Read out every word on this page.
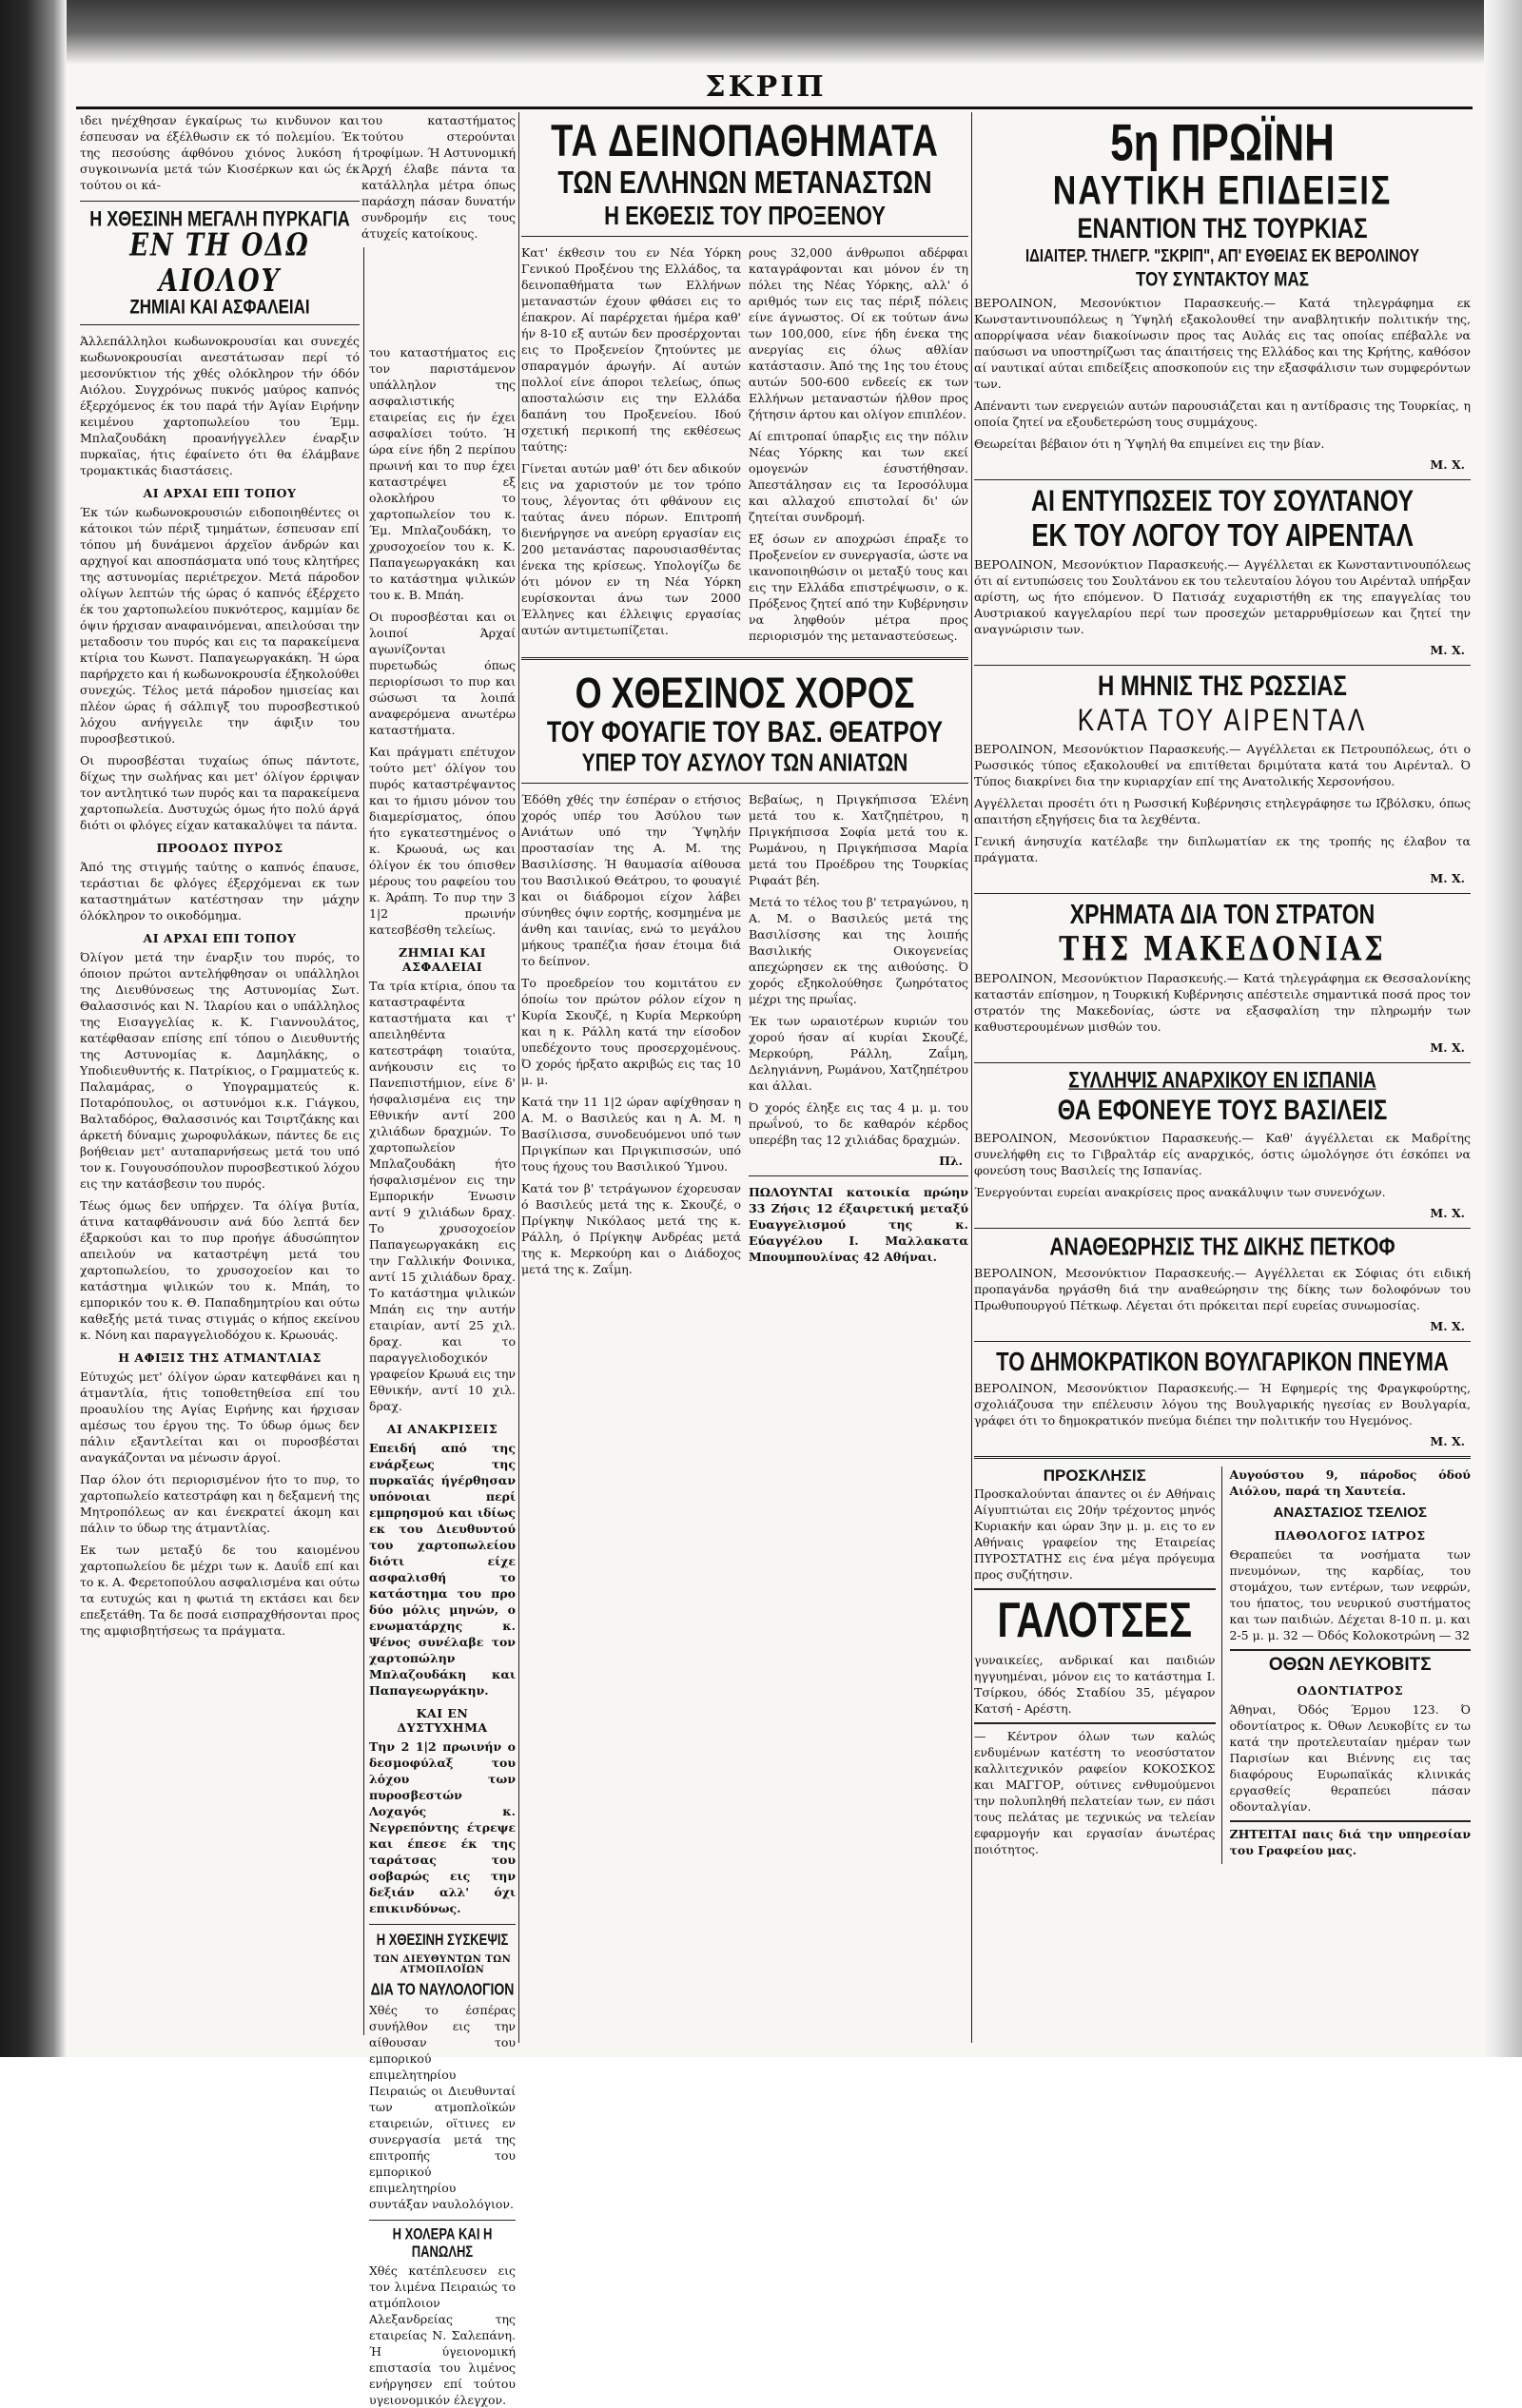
ΣΚΡΙΠ

ιδει ηνέχθησαν έγκαίρως τω κινδυνον και έσπευσαν να έξέλθωσιν εκ τό πολεμίου. Έκ της πεσούσης άφθόνου χιόνος λυκόση ή συγκοινωνία μετά τών Κιοσέρκων και ώς έκ τούτου οι κά-

Η ΧΘΕΣΙΝΗ ΜΕΓΑΛΗ ΠΥΡΚΑΓΙΑ
ΕΝ ΤΗ ΟΔΩ ΑΙΟΛΟΥ
ΖΗΜΙΑΙ ΚΑΙ ΑΣΦΑΛΕΙΑΙ

Άλλεπάλληλοι κωδωνοκρουσίαι και συνεχές κωδωνοκρουσίαι ανεστάτωσαν περί τό μεσονύκτιον τής χθές ολόκληρον τήν όδόν Αιόλου. Συγχρόνως πυκνός μαύρος καπνός έξερχόμενος έκ του παρά τήν Άγίαν Ειρήνην κειμένου χαρτοπωλείου του Έμμ. Μπλαζουδάκη προανήγγελλεν έναρξιν πυρκαϊας, ήτις έφαίνετο ότι θα έλάμβανε τρομακτικάς διαστάσεις.

ΑΙ ΑΡΧΑΙ ΕΠΙ ΤΟΠΟΥ

Έκ τών κωδωνοκρουσιών ειδοποιηθέντες οι κάτοικοι τών πέριξ τμημάτων, έσπευσαν επί τόπου μή δυνάμενοι άρχεϊον άνδρών και αρχηγοί και αποσπάσματα υπό τους κλητήρες της αστυνομίας περιέτρεχον. Μετά πάροδον ολίγων λεπτών τής ώρας ό καπνός έξέρχετο έκ του χαρτοπωλείου πυκνότερος, καμμίαν δε όψιν ήρχισαν αναφαινόμεναι, απειλούσαι την μεταδοσιν του πυρός και εις τα παρακείμενα κτίρια του Κωνστ. Παπαγεωργακάκη. Ή ώρα παρήρχετο και ή κωδωνοκρουσία έξηκολούθει συνεχώς. Τέλος μετά πάροδον ημισείας και πλέον ώρας ή σάλπιγξ του πυροσβεστικού λόχου ανήγγειλε την άφιξιν του πυροσβεστικού.

Οι πυροσβέσται τυχαίως όπως πάντοτε, δίχως την σωλήνας και μετ' όλίγον έρριψαν τον αντλητικό των πυρός και τα παρακείμενα χαρτοπωλεία. Δυστυχώς όμως ήτο πολύ άργά διότι οι φλόγες είχαν κατακαλύψει τα πάντα.

ΠΡΟΟΔΟΣ ΠΥΡΟΣ

Άπό της στιγμής ταύτης ο καπνός έπαυσε, τεράστιαι δε φλόγες έξερχόμεναι εκ των καταστημάτων κατέστησαν την μάχην όλόκληρον το οικοδόμημα.

ΑΙ ΑΡΧΑΙ ΕΠΙ ΤΟΠΟΥ

Όλίγον μετά την έναρξιν του πυρός, το όποιον πρώτοι αντελήφθησαν οι υπάλληλοι της Διευθύνσεως της Αστυνομίας Σωτ. Θαλασσινός και Ν. Ίλαρίου και ο υπάλληλος της Εισαγγελίας κ. Κ. Γιαννουλάτος, κατέφθασαν επίσης επί τόπου ο Διευθυντής της Αστυνομίας κ. Δαμηλάκης, ο Υποδιευθυντής κ. Πατρίκιος, ο Γραμματεύς κ. Παλαμάρας, ο Υπογραμματεύς κ. Ποταρόπουλος, οι αστυνόμοι κ.κ. Γιάγκου, Βαλταδόρος, Θαλασσινός και Τσιρτζάκης και άρκετή δύναμις χωροφυλάκων, πάντες δε εις βοήθειαν μετ' αυταπαρνήσεως μετά του υπό τον κ. Γουγουσόπουλον πυροσβεστικού λόχου εις την κατάσβεσιν του πυρός.

Τέως όμως δεν υπήρχεν. Τα όλίγα βυτία, άτινα καταφθάνουσιν ανά δύο λεπτά δεν έξαρκούσι και το πυρ προήγε άδυσώπητον απειλούν να καταστρέψη μετά του χαρτοπωλείου, το χρυσοχοείον και το κατάστημα ψιλικών του κ. Μπάη, το εμπορικόν του κ. Θ. Παπαδημητρίου και ούτω καθεξής μετά τινας στιγμάς ο κήπος εκείνου κ. Νόνη και παραγγελιοδόχου κ. Κρωουάς.

Η ΑΦΙΞΙΣ ΤΗΣ ΑΤΜΑΝΤΛΙΑΣ

Εύτυχώς μετ' όλίγον ώραν κατεφθάνει και η άτμαντλία, ήτις τοποθετηθείσα επί του προαυλίου της Αγίας Ειρήνης και ήρχισαν αμέσως του έργου της. Το ύδωρ όμως δεν πάλιν εξαντλείται και οι πυροσβέσται αναγκάζονται να μένωσιν άργοί.

Παρ όλον ότι περιορισμένον ήτο το πυρ, το χαρτοπωλείο κατεστράφη και η δεξαμενή της Μητροπόλεως αν και ένεκρατεί άκομη και πάλιν το ύδωρ της άτμαντλίας.

Εκ των μεταξύ δε του καιομένου χαρτοπωλείου δε μέχρι των κ. Δαυΐδ επί και το κ. Α. Φερετοπούλου ασφαλισμένα και ούτω τα ευτυχώς και η φωτιά τη εκτάσει και δεν επεξετάθη. Τα δε ποσά εισπραχθήσονται προς της αμφισβητήσεως τα πράγματα.

του καταστήματος τούτου στερούνται τροφίμων. Ή Αστυνομική Άρχή έλαβε πάντα τα κατάλληλα μέτρα όπως παράσχη πάσαν δυνατήν συνδρομήν εις τους άτυχείς κατοίκους.

του καταστήματος εις τον παριστάμενον υπάλληλον της ασφαλιστικής εταιρείας εις ήν έχει ασφαλίσει τούτο. Ή ώρα είνε ήδη 2 περίπου πρωινή και το πυρ έχει καταστρέψει εξ ολοκλήρου το χαρτοπωλείον του κ. Έμ. Μπλαζουδάκη, το χρυσοχοείον του κ. Κ. Παπαγεωργακάκη και το κατάστημα ψιλικών του κ. Β. Μπάη.

Οι πυροσβέσται και οι λοιποί Άρχαί αγωνίζονται πυρετωδώς όπως περιορίσωσι το πυρ και σώσωσι τα λοιπά αναφερόμενα ανωτέρω καταστήματα.

Και πράγματι επέτυχον τούτο μετ' όλίγον του πυρός καταστρέψαντος και το ήμισυ μόνον του διαμερίσματος, όπου ήτο εγκατεστημένος ο κ. Κρωουά, ως και όλίγον έκ του όπισθεν μέρους του ραφείου του κ. Άράπη. Το πυρ την 3 1|2 πρωινήν κατεσβέσθη τελείως.

ΖΗΜΙΑΙ ΚΑΙ ΑΣΦΑΛΕΙΑΙ

Τα τρία κτίρια, όπου τα καταστραφέντα καταστήματα και τ' απειληθέντα κατεστράφη τοιαύτα, ανήκουσιν εις το Πανεπιστήμιον, είνε δ' ήσφαλισμένα εις την Εθνικήν αντί 200 χιλιάδων δραχμών. Το χαρτοπωλείον Μπλαζουδάκη ήτο ήσφαλισμένον εις την Εμπορικήν Ένωσιν αντί 9 χιλιάδων δραχ. Το χρυσοχοείον Παπαγεωργακάκη εις την Γαλλικήν Φοινικα, αντί 15 χιλιάδων δραχ. Το κατάστημα ψιλικών Μπάη εις την αυτήν εταιρίαν, αντί 25 χιλ. δραχ. και το παραγγελιοδοχικόν γραφείον Κρωυά εις την Εθνικήν, αντί 10 χιλ. δραχ.

ΑΙ ΑΝΑΚΡΙΣΕΙΣ

Επειδή από της ενάρξεως της πυρκαϊάς ήγέρθησαν υπόνοιαι περί εμπρησμού και ιδίως εκ του Διευθυντού του χαρτοπωλείου διότι είχε ασφαλισθή το κατάστημα του προ δύο μόλις μηνών, ο ενωματάρχης κ. Ψένος συνέλαβε τον χαρτοπώλην Μπλαζουδάκη και Παπαγεωργάκην.

ΚΑΙ ΕΝ ΔΥΣΤΥΧΗΜΑ

Την 2 1|2 πρωινήν ο δεσμοφύλαξ του λόχου των πυροσβεστών Λοχαγός κ. Νεγρεπόντης έτρεψε και έπεσε έκ της ταράτσας του σοβαρώς εις την δεξιάν αλλ' όχι επικινδύνως.

Η ΧΘΕΣΙΝΗ ΣΥΣΚΕΨΙΣ
ΤΩΝ ΔΙΕΥΘΥΝΤΩΝ ΤΩΝ ΑΤΜΟΠΛΟΪΩΝ
ΔΙΑ ΤΟ ΝΑΥΛΟΛΟΓΙΟΝ

Χθές το έσπέρας συνήλθον εις την αίθουσαν του εμπορικού επιμελητηρίου Πειραιώς οι Διευθυνταί των ατμοπλοϊκών εταιρειών, οϊτινες εν συνεργασία μετά της επιτροπής του εμπορικού επιμελητηρίου συντάξαν ναυλολόγιον.

Η ΧΟΛΕΡΑ ΚΑΙ Η ΠΑΝΩΛΗΣ

Χθές κατέπλευσεν εις τον λιμένα Πειραιώς το ατμόπλοιον Αλεξανδρείας της εταιρείας Ν. Σαλεπάνη. Ή ύγειονομική επιστασία του λιμένος ενήργησεν επί τούτου υγειονομικόν έλεγχον.

ΤΑ ΔΕΙΝΟΠΑΘΗΜΑΤΑ
ΤΩΝ ΕΛΛΗΝΩΝ ΜΕΤΑΝΑΣΤΩΝ
Η ΕΚΘΕΣΙΣ ΤΟΥ ΠΡΟΞΕΝΟΥ

Κατ' έκθεσιν του εν Νέα Υόρκη Γενικού Προξένου της Ελλάδος, τα δεινοπαθήματα των Ελλήνων μεταναστών έχουν φθάσει εις το έπακρον. Αί παρέρχεται ήμέρα καθ' ήν 8-10 εξ αυτών δεν προσέρχονται εις το Προξενείον ζητούντες με σπαραγμόν άρωγήν. Αί αυτών πολλοί είνε άποροι τελείως, όπως αποσταλώσιν εις την Ελλάδα δαπάνη του Προξενείου. Ιδού σχετική περικοπή της εκθέσεως ταύτης:

Γίνεται αυτών μαθ' ότι δεν αδικούν εις να χαριστούν με τον τρόπο τους, λέγοντας ότι φθάνουν εις ταύτας άνευ πόρων. Επιτροπή διενήργησε να ανεύρη εργασίαν εις 200 μετανάστας παρουσιασθέντας ένεκα της κρίσεως. Υπολογίζω δε ότι μόνον εν τη Νέα Υόρκη ευρίσκονται άνω των 2000 Έλληνες και έλλειψις εργασίας αυτών αντιμετωπίζεται.

ρους 32,000 άνθρωποι αδέρφαι καταγράφονται και μόνον έν τη πόλει της Νέας Υόρκης, αλλ' ό αριθμός των εις τας πέριξ πόλεις είνε άγνωστος. Οί εκ τούτων άνω των 100,000, είνε ήδη ένεκα της ανεργίας εις όλως αθλίαν κατάστασιν. Άπό της 1ης του έτους αυτών 500-600 ενδεείς εκ των Ελλήνων μεταναστών ήλθον προς ζήτησιν άρτου και ολίγον επιπλέον.

Αί επιτροπαί ύπαρξις εις την πόλιν Νέας Υόρκης και των εκεί ομογενών έσυστήθησαν. Άπεστάλησαν εις τα Ιεροσόλυμα και αλλαχού επιστολαί δι' ών ζητείται συνδρομή.

Εξ όσων εν αποχρώσι έπραξε το Προξενείον εν συνεργασία, ώστε να ικανοποιηθώσιν οι μεταξύ τους και εις την Ελλάδα επιστρέψωσιν, ο κ. Πρόξενος ζητεί από την Κυβέρνησιν να ληφθούν μέτρα προς περιορισμόν της μεταναστεύσεως.

Ο ΧΘΕΣΙΝΟΣ ΧΟΡΟΣ
ΤΟΥ ΦΟΥΑΓΙΕ ΤΟΥ ΒΑΣ. ΘΕΑΤΡΟΥ
ΥΠΕΡ ΤΟΥ ΑΣΥΛΟΥ ΤΩΝ ΑΝΙΑΤΩΝ

Έδόθη χθές την έσπέραν ο ετήσιος χορός υπέρ του Άσύλου των Ανιάτων υπό την Ύψηλήν προστασίαν της Α. Μ. της Βασιλίσσης. Ή θαυμασία αίθουσα του Βασιλικού Θεάτρου, το φουαγιέ και οι διάδρομοι είχον λάβει σύνηθες όψιν εορτής, κοσμημένα με άνθη και ταινίας, ενώ το μεγάλου μήκους τραπέζια ήσαν έτοιμα διά το δείπνον.

Το προεδρείον του κομιτάτου εν όποίω τον πρώτον ρόλον είχον η Κυρία Σκουζέ, η Κυρία Μερκούρη και η κ. Ράλλη κατά την είσοδον υπεδέχοντο τους προσερχομένους. Ό χορός ήρξατο ακριβώς εις τας 10 μ. μ.

Κατά την 11 1|2 ώραν αφίχθησαν η Α. Μ. ο Βασιλεύς και η Α. Μ. η Βασίλισσα, συνοδευόμενοι υπό των Πριγκίπων και Πριγκιπισσών, υπό τους ήχους του Βασιλικού Ύμνου.

Κατά τον β' τετράγωνον έχορευσαν ό Βασιλεύς μετά της κ. Σκουζέ, ο Πρίγκηψ Νικόλαος μετά της κ. Ράλλη, ό Πρίγκηψ Ανδρέας μετά της κ. Μερκούρη και ο Διάδοχος μετά της κ. Ζαΐμη.

Βεβαίως, η Πριγκήπισσα Έλένη μετά του κ. Χατζηπέτρου, η Πριγκήπισσα Σοφία μετά του κ. Ρωμάνου, η Πριγκήπισσα Μαρία μετά του Προέδρου της Τουρκίας Ριφαάτ βέη.

Μετά το τέλος του β' τετραγώνου, η Α. Μ. ο Βασιλεύς μετά της Βασιλίσσης και της λοιπής Βασιλικής Οικογενείας απεχώρησεν εκ της αιθούσης. Ό χορός εξηκολούθησε ζωηρότατος μέχρι της πρωΐας.

Έκ των ωραιοτέρων κυριών του χορού ήσαν αί κυρίαι Σκουζέ, Μερκούρη, Ράλλη, Ζαΐμη, Δεληγιάννη, Ρωμάνου, Χατζηπέτρου και άλλαι.

Ό χορός έληξε εις τας 4 μ. μ. του πρωΐνού, το δε καθαρόν κέρδος υπερέβη τας 12 χιλιάδας δραχμών.

Πλ.

ΠΩΛΟΥΝΤΑΙ κατοικία πρώην 33 Ζήσις 12 έξαιρετική μεταξύ Ευαγγελισμού της κ. Εύαγγέλου Ι. Μαλλακατα Μπουμπουλίνας 42 Αθήναι.

5η ΠΡΩΪΝΗ
ΝΑΥΤΙΚΗ ΕΠΙΔΕΙΞΙΣ
ΕΝΑΝΤΙΟΝ ΤΗΣ ΤΟΥΡΚΙΑΣ
ΙΔΙΑΙΤΕΡ. ΤΗΛΕΓΡ. "ΣΚΡΙΠ", ΑΠ' ΕΥΘΕΙΑΣ ΕΚ ΒΕΡΟΛΙΝΟΥ
ΤΟΥ ΣΥΝΤΑΚΤΟΥ ΜΑΣ

ΒΕΡΟΛΙΝΟΝ, Μεσονύκτιον Παρασκευής.— Κατά τηλεγράφημα εκ Κωνσταντινουπόλεως η Ύψηλή εξακολουθεί την αναβλητικήν πολιτικήν της, απορρίψασα νέαν διακοίνωσιν προς τας Αυλάς εις τας οποίας επέβαλλε να παύσωσι να υποστηρίζωσι τας άπαιτήσεις της Ελλάδος και της Κρήτης, καθόσον αί ναυτικαί αύται επιδείξεις αποσκοπούν εις την εξασφάλισιν των συμφερόντων των.

Απέναντι των ενεργειών αυτών παρουσιάζεται και η αντίδρασις της Τουρκίας, η οποία ζητεί να εξουδετερώση τους συμμάχους.

Θεωρείται βέβαιον ότι η Ύψηλή θα επιμείνει εις την βίαν.

Μ. Χ.
ΑΙ ΕΝΤΥΠΩΣΕΙΣ ΤΟΥ ΣΟΥΛΤΑΝΟΥ
ΕΚ ΤΟΥ ΛΟΓΟΥ ΤΟΥ ΑΙΡΕΝΤΑΛ

ΒΕΡΟΛΙΝΟΝ, Μεσονύκτιον Παρασκευής.— Αγγέλλεται εκ Κωνσταντινουπόλεως ότι αί εντυπώσεις του Σουλτάνου εκ του τελευταίου λόγου του Αιρένταλ υπήρξαν αρίστη, ως ήτο επόμενον. Ό Πατισάχ ευχαριστήθη εκ της επαγγελίας του Αυστριακού καγγελαρίου περί των προσεχών μεταρρυθμίσεων και ζητεί την αναγνώρισιν των.

Μ. Χ.
Η ΜΗΝΙΣ ΤΗΣ ΡΩΣΣΙΑΣ
ΚΑΤΑ ΤΟΥ ΑΙΡΕΝΤΑΛ

ΒΕΡΟΛΙΝΟΝ, Μεσονύκτιον Παρασκευής.— Αγγέλλεται εκ Πετρουπόλεως, ότι ο Ρωσσικός τύπος εξακολουθεί να επιτίθεται δριμύτατα κατά του Αιρένταλ. Ό Τύπος διακρίνει δια την κυριαρχίαν επί της Ανατολικής Χερσονήσου.

Αγγέλλεται προσέτι ότι η Ρωσσική Κυβέρνησις ετηλεγράφησε τω Ιζβόλσκυ, όπως απαιτήση εξηγήσεις δια τα λεχθέντα.

Γενική άνησυχία κατέλαβε την διπλωματίαν εκ της τροπής ης έλαβον τα πράγματα.

Μ. Χ.
ΧΡΗΜΑΤΑ ΔΙΑ ΤΟΝ ΣΤΡΑΤΟΝ
ΤΗΣ ΜΑΚΕΔΟΝΙΑΣ

ΒΕΡΟΛΙΝΟΝ, Μεσονύκτιον Παρασκευής.— Κατά τηλεγράφημα εκ Θεσσαλονίκης καταστάν επίσημον, η Τουρκική Κυβέρνησις απέστειλε σημαντικά ποσά προς τον στρατόν της Μακεδονίας, ώστε να εξασφαλίση την πληρωμήν των καθυστερουμένων μισθών του.

Μ. Χ.
ΣΥΛΛΗΨΙΣ ΑΝΑΡΧΙΚΟΥ ΕΝ ΙΣΠΑΝΙΑ
ΘΑ ΕΦΟΝΕΥΕ ΤΟΥΣ ΒΑΣΙΛΕΙΣ

ΒΕΡΟΛΙΝΟΝ, Μεσονύκτιον Παρασκευής.— Καθ' άγγέλλεται εκ Μαδρίτης συνελήφθη εις το Γιβραλτάρ είς αναρχικός, όστις ώμολόγησε ότι έσκόπει να φονεύση τους Βασιλείς της Ισπανίας.

Ένεργούνται ευρείαι ανακρίσεις προς ανακάλυψιν των συνενόχων.

Μ. Χ.
ΑΝΑΘΕΩΡΗΣΙΣ ΤΗΣ ΔΙΚΗΣ ΠΕΤΚΟΦ

ΒΕΡΟΛΙΝΟΝ, Μεσονύκτιον Παρασκευής.— Αγγέλλεται εκ Σόφιας ότι ειδική προπαγάνδα ηργάσθη διά την αναθεώρησιν της δίκης των δολοφόνων του Πρωθυπουργού Πέτκωφ. Λέγεται ότι πρόκειται περί ευρείας συνωμοσίας.

Μ. Χ.
ΤΟ ΔΗΜΟΚΡΑΤΙΚΟΝ ΒΟΥΛΓΑΡΙΚΟΝ ΠΝΕΥΜΑ

ΒΕΡΟΛΙΝΟΝ, Μεσονύκτιον Παρασκευής.— Ή Εφημερίς της Φραγκφούρτης, σχολιάζουσα την επέλευσιν λόγου της Βουλγαρικής ηγεσίας εν Βουλγαρία, γράφει ότι το δημοκρατικόν πνεύμα διέπει την πολιτικήν του Ηγεμόνος.

Μ. Χ.
ΠΡΟΣΚΛΗΣΙΣ

Προσκαλούνται άπαντες οι έν Αθήναις Αίγυπτιώται εις 20ήν τρέχοντος μηνός Κυριακήν και ώραν 3ην μ. μ. εις το εν Αθήναις γραφείον της Εταιρείας ΠΥΡΟΣΤΑΤΗΣ εις ένα μέγα πρόγευμα προς συζήτησιν.

ΓΑΛΟΤΣΕΣ

γυναικείες, ανδρικαί και παιδιών ηγγυημέναι, μόνον εις το κατάστημα Ι. Τσίρκου, όδός Σταδίου 35, μέγαρον Κατσή - Αρέστη.

— Κέντρον όλων των καλώς ενδυμένων κατέστη το νεοσύστατον καλλιτεχνικόν ραφείον ΚΟΚΟΣΚΟΣ και ΜΑΓΓΟΡ, ούτινες ενθυμούμενοι την πολυπληθή πελατείαν των, εν πάσι τους πελάτας με τεχνικώς να τελείαν εφαρμογήν και εργασίαν άνωτέρας ποιότητος.

Αυγούστου 9, πάροδος όδού Αιόλου, παρά τη Χαυτεία.

ΑΝΑΣΤΑΣΙΟΣ ΤΣΕΛΙΟΣ
ΠΑΘΟΛΟΓΟΣ ΙΑΤΡΟΣ

Θεραπεύει τα νοσήματα των πνευμόνων, της καρδίας, του στομάχου, των εντέρων, των νεφρών, του ήπατος, του νευρικού συστήματος και των παιδιών. Δέχεται 8-10 π. μ. και 2-5 μ. μ. 32 — Όδός Κολοκοτρώνη — 32

ΟΘΩΝ ΛΕΥΚΟΒΙΤΣ
ΟΔΟΝΤΙΑΤΡΟΣ

Άθηναι, Όδός Έρμου 123. Ό οδοντίατρος κ. Όθων Λευκοβίτς εν τω κατά την προτελευταίαν ημέραν των Παρισίων και Βιέννης εις τας διαφόρους Ευρωπαϊκάς κλινικάς εργασθείς θεραπεύει πάσαν οδονταλγίαν.

ΖΗΤΕΙΤΑΙ παις διά την υπηρεσίαν του Γραφείου μας.
